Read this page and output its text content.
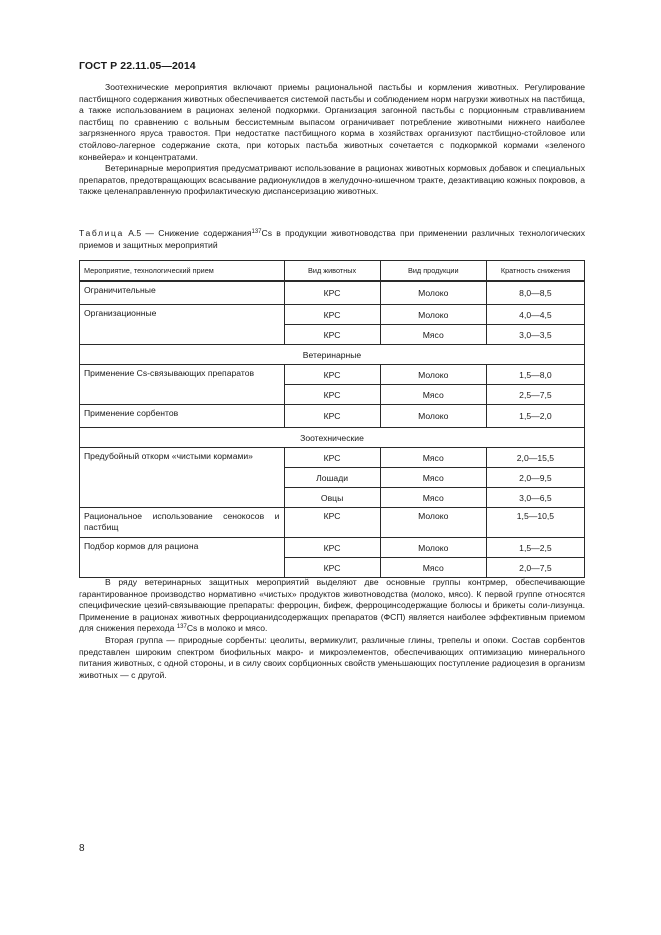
ГОСТ Р 22.11.05—2014

Зоотехнические мероприятия включают приемы рациональной пастьбы и кормления животных. Регулирование пастбищного содержания животных обеспечивается системой пастьбы и соблюдением норм нагрузки животных на пастбища, а также использованием в рационах зеленой подкормки. Организация загонной пастьбы с порционным стравливанием пастбищ по сравнению с вольным бессистемным выпасом ограничивает потребление животными нижнего наиболее загрязненного яруса травостоя. При недостатке пастбищного корма в хозяйствах организуют пастбищно-стойловое или стойлово-лагерное содержание скота, при которых пастьба животных сочетается с подкормкой кормами «зеленого конвейера» и концентратами.

Ветеринарные мероприятия предусматривают использование в рационах животных кормовых добавок и специальных препаратов, предотвращающих всасывание радионуклидов в желудочно-кишечном тракте, дезактивацию кожных покровов, а также целенаправленную профилактическую диспансеризацию животных.

Таблица А.5 — Снижение содержания$^{137}$Cs в продукции животноводства при применении различных технологических приемов и защитных мероприятий
Мероприятие, технологический прием	Вид животных	Вид продукции	Кратность снижения
Ограничительные	КРС	Молоко	8,0—8,5
Организационные	КРС	Молоко	4,0—4,5
	КРС	Мясо	3,0—3,5
Ветеринарные			
Применение Cs-связывающих препаратов	КРС	Молоко	1,5—8,0
	КРС	Мясо	2,5—7,5
Применение сорбентов	КРС	Молоко	1,5—2,0
Зоотехнические			
Предубойный откорм «чистыми кормами»	КРС	Мясо	2,0—15,5
	Лошади	Мясо	2,0—9,5
	Овцы	Мясо	3,0—6,5
Рациональное использование сенокосов и пастбищ	КРС	Молоко	1,5—10,5
Подбор кормов для рациона	КРС	Молоко	1,5—2,5
	КРС	Мясо	2,0—7,5

В ряду ветеринарных защитных мероприятий выделяют две основные группы контрмер, обеспечивающие гарантированное производство нормативно «чистых» продуктов животноводства (молоко, мясо). К первой группе относятся специфические цезий-связывающие препараты: ферроцин, бифеж, ферроцинсодержащие болюсы и брикеты соли-лизунца. Применение в рационах животных ферроцианидсодержащих препаратов (ФСП) является наиболее эффективным приемом для снижения перехода $^{137}$Cs в молоко и мясо.

Вторая группа — природные сорбенты: цеолиты, вермикулит, различные глины, трепелы и опоки. Состав сорбентов представлен широким спектром биофильных макро- и микроэлементов, обеспечивающих оптимизацию минерального питания животных, с одной стороны, и в силу своих сорбционных свойств уменьшающих поступление радиоцезия в организм животных — с другой.

8
